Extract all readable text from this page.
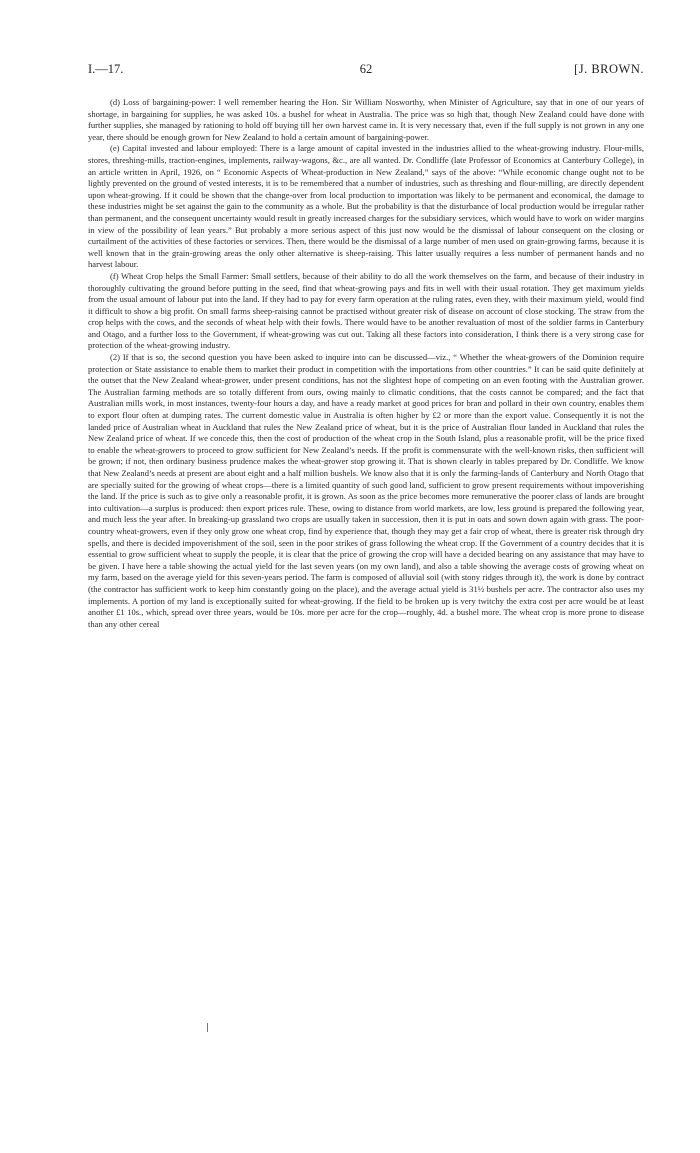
I.—17.	62	[J. BROWN.

(d) Loss of bargaining-power: I well remember hearing the Hon. Sir William Nosworthy, when Minister of Agriculture, say that in one of our years of shortage, in bargaining for supplies, he was asked 10s. a bushel for wheat in Australia. The price was so high that, though New Zealand could have done with further supplies, she managed by rationing to hold off buying till her own harvest came in. It is very necessary that, even if the full supply is not grown in any one year, there should be enough grown for New Zealand to hold a certain amount of bargaining-power.

(e) Capital invested and labour employed: There is a large amount of capital invested in the industries allied to the wheat-growing industry. Flour-mills, stores, threshing-mills, traction-engines, implements, railway-wagons, &c., are all wanted. Dr. Condliffe (late Professor of Economics at Canterbury College), in an article written in April, 1926, on “ Economic Aspects of Wheat-production in New Zealand,” says of the above: “While economic change ought not to be lightly prevented on the ground of vested interests, it is to be remembered that a number of industries, such as threshing and flour-milling, are directly dependent upon wheat-growing. If it could be shown that the change-over from local production to importation was likely to be permanent and economical, the damage to these industries might be set against the gain to the community as a whole. But the probability is that the disturbance of local production would be irregular rather than permanent, and the consequent uncertainty would result in greatly increased charges for the subsidiary services, which would have to work on wider margins in view of the possibility of lean years.” But probably a more serious aspect of this just now would be the dismissal of labour consequent on the closing or curtailment of the activities of these factories or services. Then, there would be the dismissal of a large number of men used on grain-growing farms, because it is well known that in the grain-growing areas the only other alternative is sheep-raising. This latter usually requires a less number of permanent hands and no harvest labour.

(f) Wheat Crop helps the Small Farmer: Small settlers, because of their ability to do all the work themselves on the farm, and because of their industry in thoroughly cultivating the ground before putting in the seed, find that wheat-growing pays and fits in well with their usual rotation. They get maximum yields from the usual amount of labour put into the land. If they had to pay for every farm operation at the ruling rates, even they, with their maximum yield, would find it difficult to show a big profit. On small farms sheep-raising cannot be practised without greater risk of disease on account of close stocking. The straw from the crop helps with the cows, and the seconds of wheat help with their fowls. There would have to be another revaluation of most of the soldier farms in Canterbury and Otago, and a further loss to the Government, if wheat-growing was cut out. Taking all these factors into consideration, I think there is a very strong case for protection of the wheat-growing industry.

(2) If that is so, the second question you have been asked to inquire into can be discussed—viz., “ Whether the wheat-growers of the Dominion require protection or State assistance to enable them to market their product in competition with the importations from other countries.” It can be said quite definitely at the outset that the New Zealand wheat-grower, under present conditions, has not the slightest hope of competing on an even footing with the Australian grower. The Australian farming methods are so totally different from ours, owing mainly to climatic conditions, that the costs cannot be compared; and the fact that Australian mills work, in most instances, twenty-four hours a day, and have a ready market at good prices for bran and pollard in their own country, enables them to export flour often at dumping rates. The current domestic value in Australia is often higher by £2 or more than the export value. Consequently it is not the landed price of Australian wheat in Auckland that rules the New Zealand price of wheat, but it is the price of Australian flour landed in Auckland that rules the New Zealand price of wheat. If we concede this, then the cost of production of the wheat crop in the South Island, plus a reasonable profit, will be the price fixed to enable the wheat-growers to proceed to grow sufficient for New Zealand’s needs. If the profit is commensurate with the well-known risks, then sufficient will be grown; if not, then ordinary business prudence makes the wheat-grower stop growing it. That is shown clearly in tables prepared by Dr. Condliffe. We know that New Zealand’s needs at present are about eight and a half million bushels. We know also that it is only the farming-lands of Canterbury and North Otago that are specially suited for the growing of wheat crops—there is a limited quantity of such good land, sufficient to grow present requirements without impoverishing the land. If the price is such as to give only a reasonable profit, it is grown. As soon as the price becomes more remunerative the poorer class of lands are brought into cultivation—a surplus is produced: then export prices rule. These, owing to distance from world markets, are low, less ground is prepared the following year, and much less the year after. In breaking-up grassland two crops are usually taken in succession, then it is put in oats and sown down again with grass. The poor-country wheat-growers, even if they only grow one wheat crop, find by experience that, though they may get a fair crop of wheat, there is greater risk through dry spells, and there is decided impoverishment of the soil, seen in the poor strikes of grass following the wheat crop. If the Government of a country decides that it is essential to grow sufficient wheat to supply the people, it is clear that the price of growing the crop will have a decided bearing on any assistance that may have to be given. I have here a table showing the actual yield for the last seven years (on my own land), and also a table showing the average costs of growing wheat on my farm, based on the average yield for this seven-years period. The farm is composed of alluvial soil (with stony ridges through it), the work is done by contract (the contractor has sufficient work to keep him constantly going on the place), and the average actual yield is 31½ bushels per acre. The contractor also uses my implements. A portion of my land is exceptionally suited for wheat-growing. If the field to be broken up is very twitchy the extra cost per acre would be at least another £1 10s., which, spread over three years, would be 10s. more per acre for the crop—roughly, 4d. a bushel more. The wheat crop is more prone to disease than any other cereal
